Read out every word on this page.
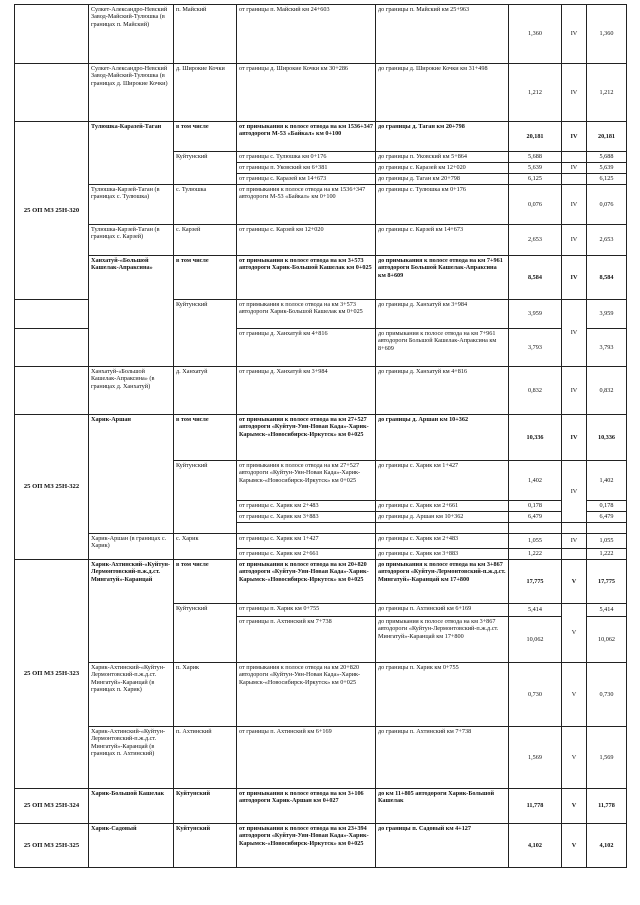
	Сулкет-Александро-Невский Завод-Майский-Тулюшка (в границах п. Майский)	п. Майский	от границы п. Майский км 24+603	до границы п. Майский км 25+963	1,360	IV	1,360
	Сулкет-Александро-Невский Завод-Майский-Тулюшка (в границах д. Широкие Кочки)	д. Широкие Кочки	от границы д. Широкие Кочки км 30+286	до границы д. Широкие Кочки км 31+498	1,212	IV	1,212
25 ОП МЗ 25Н-320	Тулюшка-Каразей-Таган	в том числе	от примыкания к полосе отвода на км 1536+347 автодороги М-53 «Байкал» км 0+100	до границы д. Таган км 20+798	20,181	IV	20,181
		Куйтунский	от границы с. Тулюшка км 0+176	до границы п. Уковский км 5+864	5,688		5,688
			от границы п. Уковский км 6+381	до границы с. Каразей км 12+020	5,639	IV	5,639
			от границы с. Каразей км 14+673	до границы д. Таган км 20+798	6,125		6,125
	Тулюшка-Карзей-Таган (в границах с. Тулюшка)	с. Тулюшка	от примыкания к полосе отвода на км 1536+347 автодороги М-53 «Байкал» км 0+100	до границы с. Тулюшка км 0+176	0,076	IV	0,076
	Тулюшка-Карзей-Таган (в границах с. Карзей)	с. Карзей	от границы с. Карзей км 12+020	до границы с. Карзей км 14+673	2,653	IV	2,653
	Ханхатуй-«Большой Кашелак-Апраксина»	в том числе	от примыкания к полосе отвода на км 3+573 автодороги Харик-Большой Кашелак км 0+025	до примыкания к полосе отвода на км 7+961 автодороги Большой Кашелак-Апраксина км 8+609	8,584	IV	8,584
		Куйтунский	от примыкания к полосе отвода на км 3+573 автодороги Харик-Большой Кашелак км 0+025	до границы д. Ханхатуй км 3+984	3,959	IV	3,959
			от границы д. Ханхатуй км 4+816	до примыкания к полосе отвода на км 7+961 автодороги Большой Кашелак-Апраксина км 8+609	3,793		3,793
	Ханхатуй-«Большой Кашелак-Апраксина» (в границах д. Ханхатуй)	д. Ханхатуй	от границы д. Ханхатуй км 3+984	до границы д. Ханхатуй км 4+816	0,832	IV	0,832
25 ОП МЗ 25Н-322	Харик-Аршан	в том числе	от примыкания к полосе отвода на км 27+527 автодороги «Куйтун-Уян-Новая Када»-Харик-Карымск-«Новосибирск-Иркутск» км 0+025	до границы д. Аршан км 10+362	10,336	IV	10,336
		Куйтунский	от примыкания к полосе отвода на км 27+527 автодороги «Куйтун-Уян-Новая Када»-Харик-Карымск-«Новосибирск-Иркутск» км 0+025	до границы с. Харик км 1+427	1,402	IV	1,402
			от границы с. Харик км 2+483	до границы с. Харик км 2+661	0,178		0,178
			от границы с. Харик км 3+883	до границы д. Аршан км 10+362	6,479		6,479

	Харик-Аршан (в границах с. Харик)	с. Харик	от границы с. Харик км 1+427	до границы с. Харик км 2+483	1,055	IV	1,055
			от границы с. Харик км 2+661	до границы с. Харик км 3+883	1,222		1,222
25 ОП МЗ 25Н-323	Харик-Ахтинский-«Куйтун-Лермонтовский-п.ж.д.ст. Мингатуй»-Каранцай	в том числе	от примыкания к полосе отвода на км 20+820 автодороги «Куйтун-Уян-Новая Када»-Харик-Карымск-«Новосибирск-Иркутск» км 0+025	до примыкания к полосе отвода на км 3+867 автодороги «Куйтун-Лермонтовский-п.ж.д.ст. Мингатуй»-Каранцай км 17+800	17,775	V	17,775
		Куйтунский	от границы п. Харик км 0+755	до границы п. Ахтинский км 6+169	5,414	V	5,414
			от границы п. Ахтинский км 7+738	до примыкания к полосе отвода на км 3+867 автодороги «Куйтун-Лермонтовский-п.ж.д.ст. Мингатуй»-Каранцай км 17+800	10,062		10,062
	Харик-Ахтинский-«Куйтун-Лермонтовский-п.ж.д.ст. Мингатуй»-Каранцай (в границах п. Харик)	п. Харик	от примыкания к полосе отвода на км 20+820 автодороги «Куйтун-Уян-Новая Када»-Харик-Карымск-«Новосибирск-Иркутск» км 0+025	до границы п. Харик км 0+755	0,730	V	0,730
	Харик-Ахтинский-«Куйтун-Лермонтовский-п.ж.д.ст. Мингатуй»-Каранцай (в границах п. Ахтинский)	п. Ахтинский	от границы п. Ахтинский км 6+169	до границы п. Ахтинский км 7+738	1,569	V	1,569
25 ОП МЗ 25Н-324	Харик-Большой Кашелак	Куйтунский	от примыкания к полосе отвода на км 3+106 автодороги Харик-Аршан км 0+027	до км 11+805 автодороги Харик-Большой Кашелак	11,778	V	11,778
25 ОП МЗ 25Н-325	Харик-Садовый	Куйтунский	от примыкания к полосе отвода на км 23+394 автодороги «Куйтун-Уян-Новая Када»-Харик-Карымск-«Новосибирск-Иркутск» км 0+025	до границы п. Садовый км 4+127	4,102	V	4,102
